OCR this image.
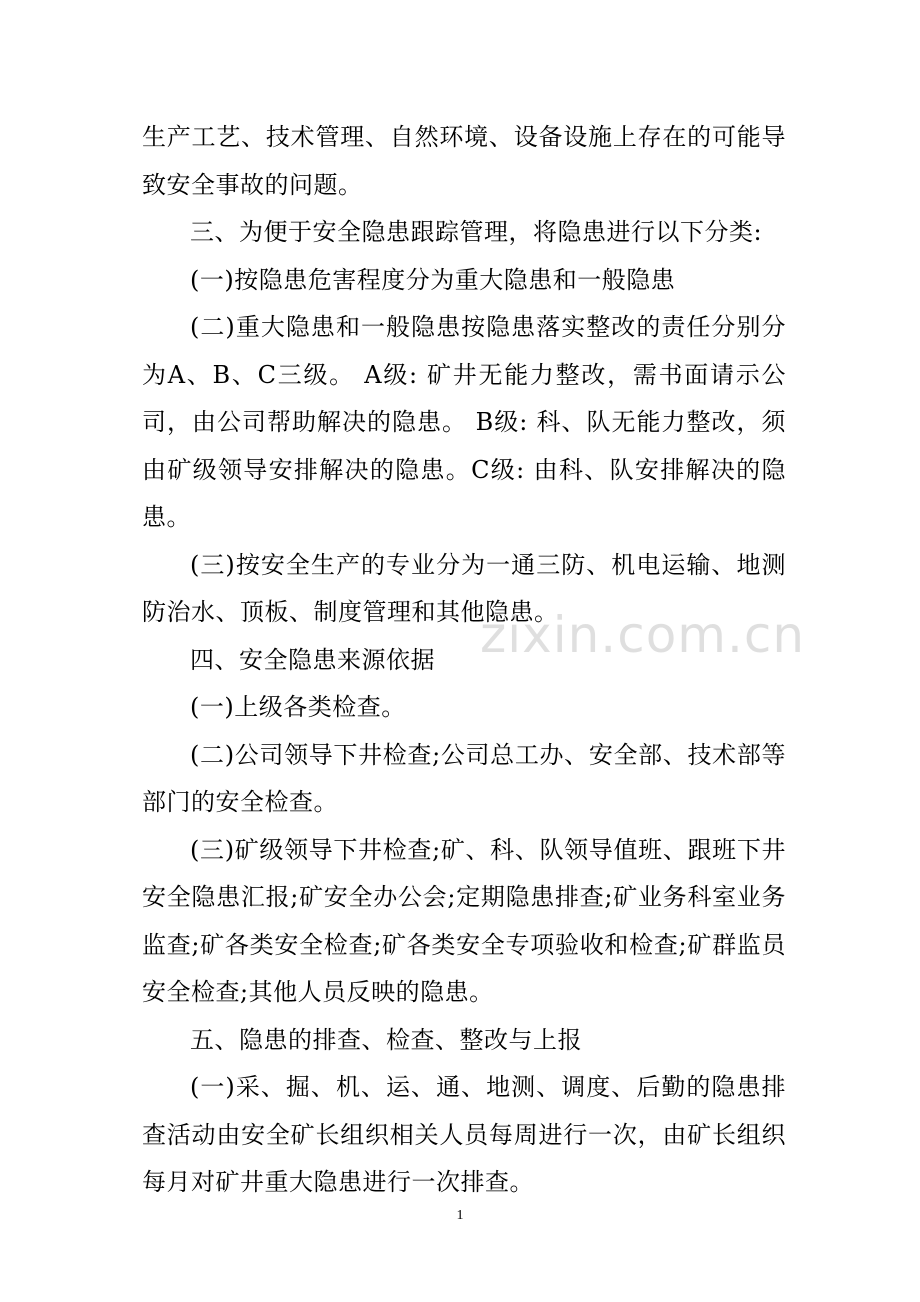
生产工艺、技术管理、自然环境、设备设施上存在的可能导致安全事故的问题。

三、为便于安全隐患跟踪管理，将隐患进行以下分类:

(一)按隐患危害程度分为重大隐患和一般隐患

(二)重大隐患和一般隐患按隐患落实整改的责任分别分为A、B、C三级。 A级: 矿井无能力整改，需书面请示公司，由公司帮助解决的隐患。 B级: 科、队无能力整改，须由矿级领导安排解决的隐患。C级: 由科、队安排解决的隐患。

(三)按安全生产的专业分为一通三防、机电运输、地测防治水、顶板、制度管理和其他隐患。

四、安全隐患来源依据

(一)上级各类检查。

(二)公司领导下井检查;公司总工办、安全部、技术部等部门的安全检查。

(三)矿级领导下井检查;矿、科、队领导值班、跟班下井安全隐患汇报;矿安全办公会;定期隐患排查;矿业务科室业务监查;矿各类安全检查;矿各类安全专项验收和检查;矿群监员安全检查;其他人员反映的隐患。

五、隐患的排查、检查、整改与上报

(一)采、掘、机、运、通、地测、调度、后勤的隐患排查活动由安全矿长组织相关人员每周进行一次，由矿长组织每月对矿井重大隐患进行一次排查。

zixin.com.cn
1
